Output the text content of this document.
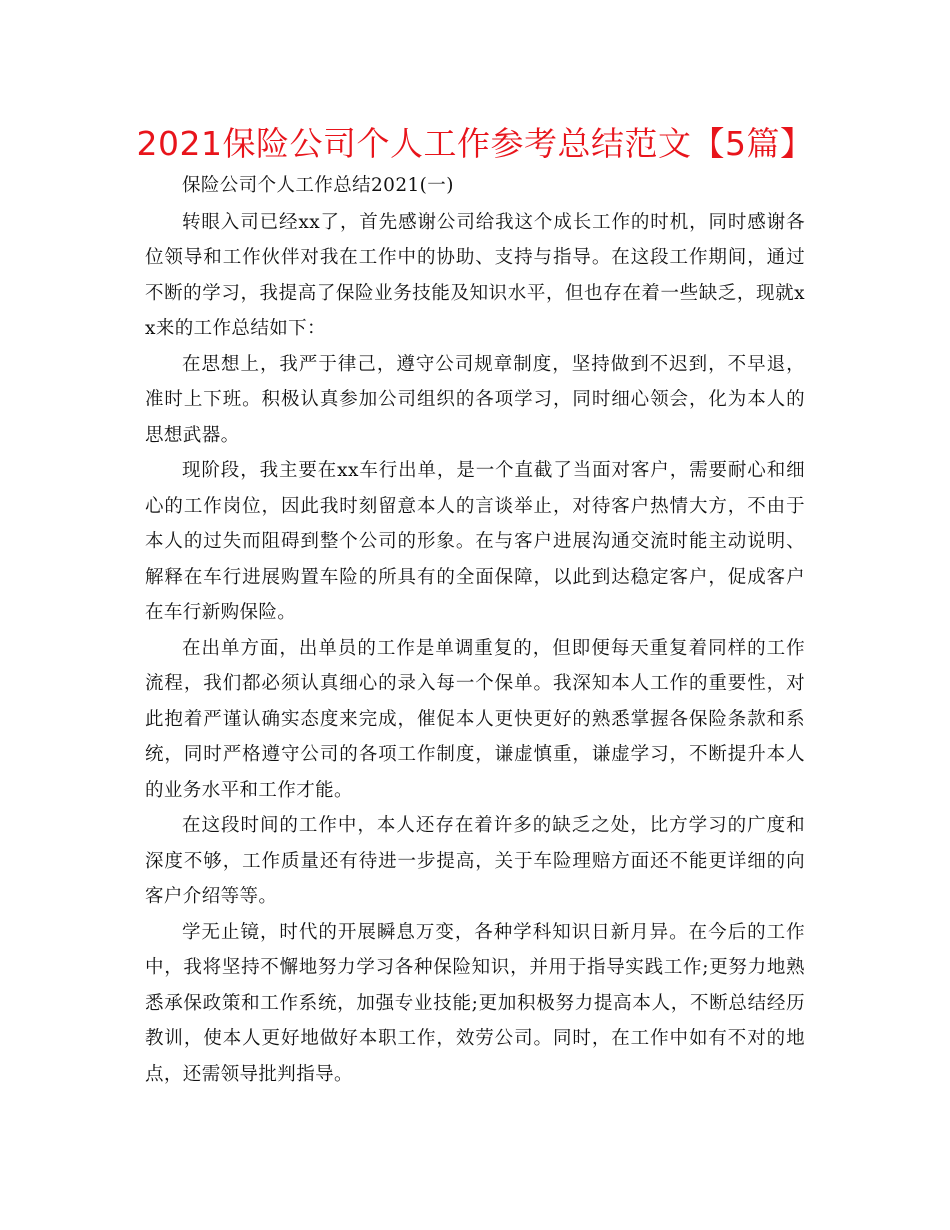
2021保险公司个人工作参考总结范文【5篇】

保险公司个人工作总结2021(一)

转眼入司已经xx了，首先感谢公司给我这个成长工作的时机，同时感谢各位领导和工作伙伴对我在工作中的协助、支持与指导。在这段工作期间，通过不断的学习，我提高了保险业务技能及知识水平，但也存在着一些缺乏，现就xx来的工作总结如下：

在思想上，我严于律己，遵守公司规章制度，坚持做到不迟到，不早退，准时上下班。积极认真参加公司组织的各项学习，同时细心领会，化为本人的思想武器。

现阶段，我主要在xx车行出单，是一个直截了当面对客户，需要耐心和细心的工作岗位，因此我时刻留意本人的言谈举止，对待客户热情大方，不由于本人的过失而阻碍到整个公司的形象。在与客户进展沟通交流时能主动说明、解释在车行进展购置车险的所具有的全面保障，以此到达稳定客户，促成客户在车行新购保险。

在出单方面，出单员的工作是单调重复的，但即便每天重复着同样的工作流程，我们都必须认真细心的录入每一个保单。我深知本人工作的重要性，对此抱着严谨认确实态度来完成，催促本人更快更好的熟悉掌握各保险条款和系统，同时严格遵守公司的各项工作制度，谦虚慎重，谦虚学习，不断提升本人的业务水平和工作才能。

在这段时间的工作中，本人还存在着许多的缺乏之处，比方学习的广度和深度不够，工作质量还有待进一步提高，关于车险理赔方面还不能更详细的向客户介绍等等。

学无止镜，时代的开展瞬息万变，各种学科知识日新月异。在今后的工作中，我将坚持不懈地努力学习各种保险知识，并用于指导实践工作;更努力地熟悉承保政策和工作系统，加强专业技能;更加积极努力提高本人，不断总结经历教训，使本人更好地做好本职工作，效劳公司。同时，在工作中如有不对的地点，还需领导批判指导。
